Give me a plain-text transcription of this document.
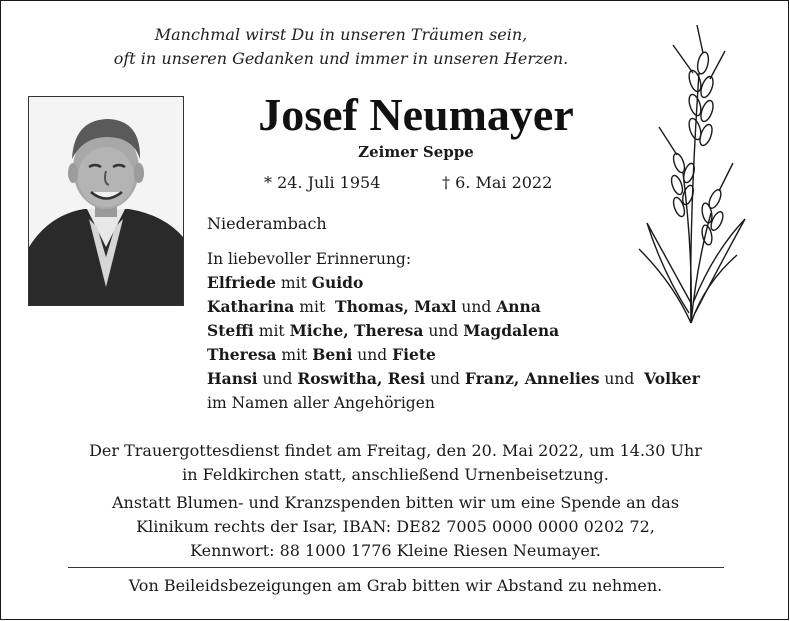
Manchmal wirst Du in unseren Träumen sein,
oft in unseren Gedanken und immer in unseren Herzen.
Josef Neumayer
Zeimer Seppe
* 24. Juli 1954	† 6. Mai 2022
Niederambach
In liebevoller Erinnerung:
Elfriede mit Guido
Katharina mit  Thomas, Maxl und Anna
Steffi mit Miche, Theresa und Magdalena
Theresa mit Beni und Fiete
Hansi und Roswitha, Resi und Franz, Annelies und  Volker
im Namen aller Angehörigen
Der Trauergottesdienst findet am Freitag, den 20. Mai 2022, um 14.30 Uhr
in Feldkirchen statt, anschließend Urnenbeisetzung.
Anstatt Blumen- und Kranzspenden bitten wir um eine Spende an das
Klinikum rechts der Isar, IBAN: DE82 7005 0000 0000 0202 72,
Kennwort: 88 1000 1776 Kleine Riesen Neumayer.
Von Beileidsbezeigungen am Grab bitten wir Abstand zu nehmen.
